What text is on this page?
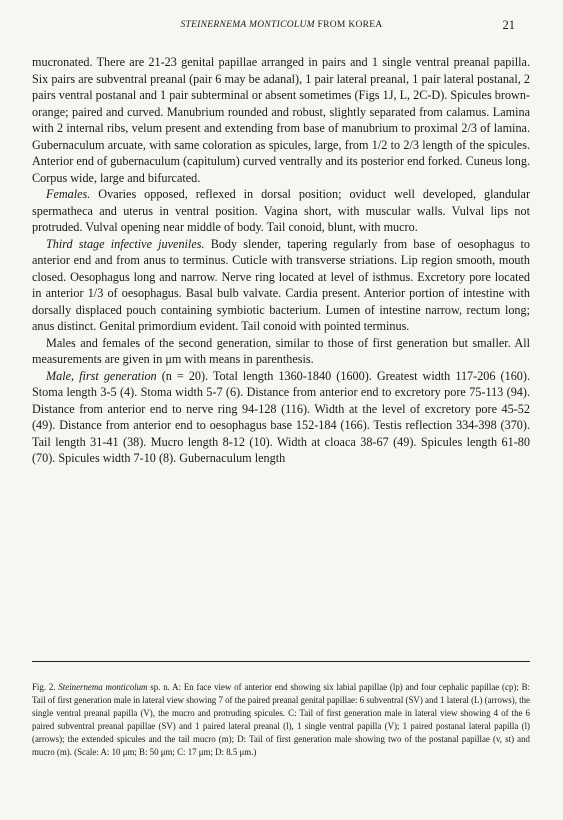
STEINERNEMA MONTICOLUM FROM KOREA	21

mucronated. There are 21-23 genital papillae arranged in pairs and 1 single ventral preanal papilla. Six pairs are subventral preanal (pair 6 may be adanal), 1 pair lateral preanal, 1 pair lateral postanal, 2 pairs ventral postanal and 1 pair subterminal or absent sometimes (Figs 1J, L, 2C-D). Spicules brown-orange; paired and curved. Manubrium rounded and robust, slightly separated from calamus. Lamina with 2 internal ribs, velum present and extending from base of manubrium to proximal 2/3 of lamina. Gubernaculum arcuate, with same coloration as spicules, large, from 1/2 to 2/3 length of the spicules. Anterior end of gubernaculum (capitulum) curved ventrally and its posterior end forked. Cuneus long. Corpus wide, large and bifurcated.

Females. Ovaries opposed, reflexed in dorsal position; oviduct well developed, glandular spermatheca and uterus in ventral position. Vagina short, with muscular walls. Vulval lips not protruded. Vulval opening near middle of body. Tail conoid, blunt, with mucro.

Third stage infective juveniles. Body slender, tapering regularly from base of oesophagus to anterior end and from anus to terminus. Cuticle with transverse striations. Lip region smooth, mouth closed. Oesophagus long and narrow. Nerve ring located at level of isthmus. Excretory pore located in anterior 1/3 of oesophagus. Basal bulb valvate. Cardia present. Anterior portion of intestine with dorsally displaced pouch containing symbiotic bacterium. Lumen of intestine narrow, rectum long; anus distinct. Genital primordium evident. Tail conoid with pointed terminus.

Males and females of the second generation, similar to those of first generation but smaller. All measurements are given in μm with means in parenthesis.

Male, first generation (n = 20). Total length 1360-1840 (1600). Greatest width 117-206 (160). Stoma length 3-5 (4). Stoma width 5-7 (6). Distance from anterior end to excretory pore 75-113 (94). Distance from anterior end to nerve ring 94-128 (116). Width at the level of excretory pore 45-52 (49). Distance from anterior end to oesophagus base 152-184 (166). Testis reflection 334-398 (370). Tail length 31-41 (38). Mucro length 8-12 (10). Width at cloaca 38-67 (49). Spicules length 61-80 (70). Spicules width 7-10 (8). Gubernaculum length

Fig. 2. Steinernema monticolum sp. n. A: En face view of anterior end showing six labial papillae (lp) and four cephalic papillae (cp); B: Tail of first generation male in lateral view showing 7 of the paired preanal genital papillae: 6 subventral (SV) and 1 lateral (L) (arrows), the single ventral preanal papilla (V), the mucro and protruding spicules. C: Tail of first generation male in lateral view showing 4 of the 6 paired subventral preanal papillae (SV) and 1 paired lateral preanal (l), 1 single ventral papilla (V); 1 paired postanal lateral papilla (l) (arrows); the extended spicules and the tail mucro (m); D: Tail of first generation male showing two of the postanal papillae (v, st) and mucro (m). (Scale: A: 10 μm; B: 50 μm; C: 17 μm; D: 8.5 μm.)
